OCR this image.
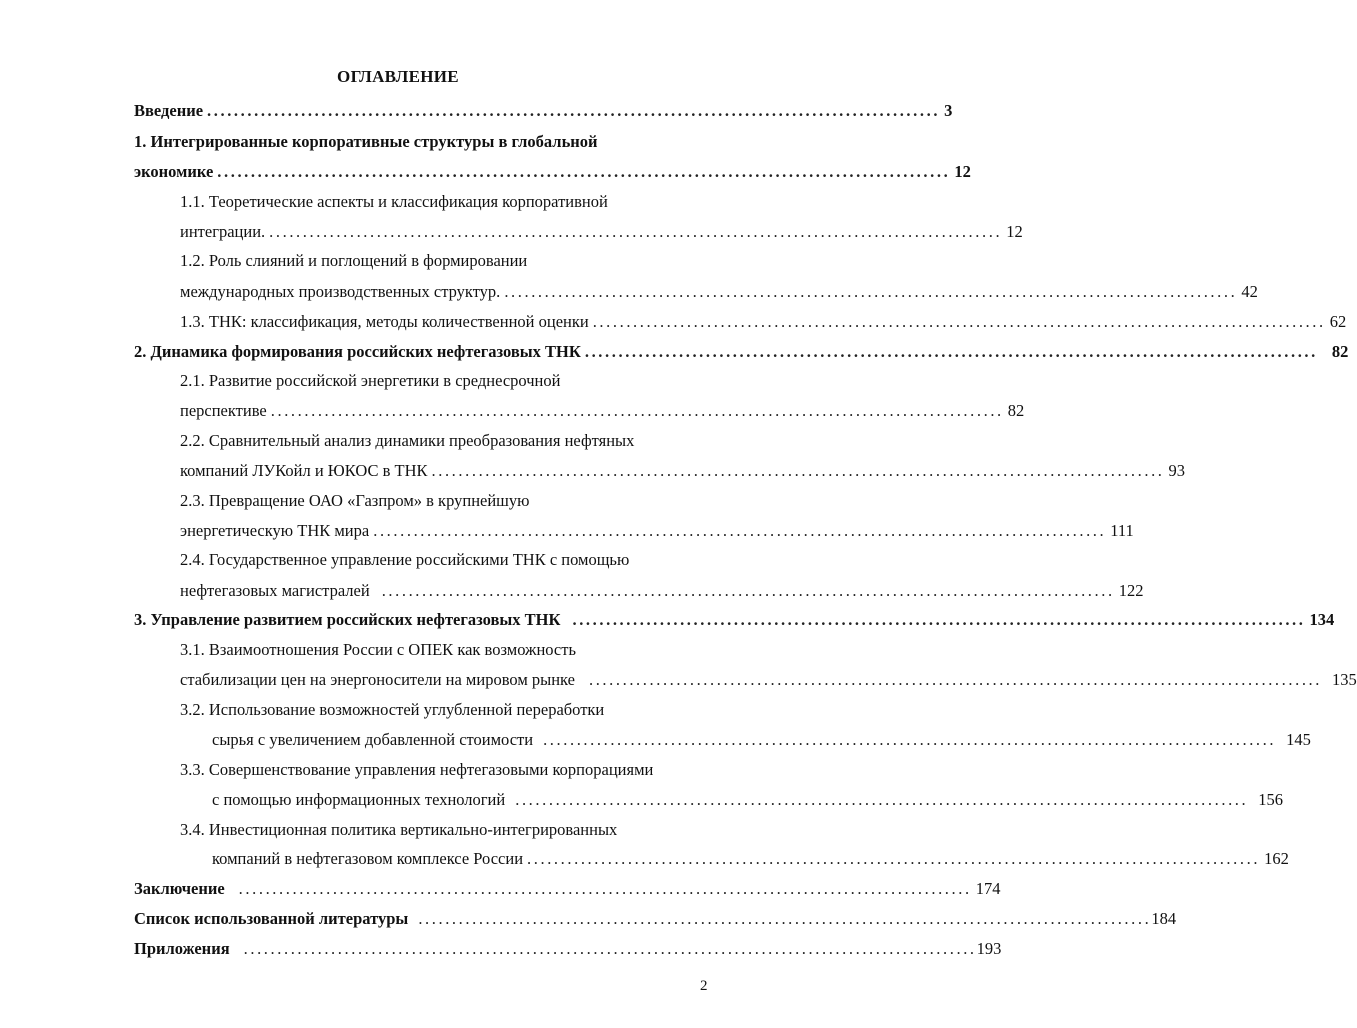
ОГЛАВЛЕНИЕ
Введение ............................................................................................................. 3
1. Интегрированные корпоративные структуры в глобальной
экономике ............................................................................................................. 12
1.1. Теоретические аспекты и классификация корпоративной
интеграции. ............................................................................................................. 12
1.2. Роль слияний и поглощений в формировании
международных производственных структур. ............................................................................................................. 42
1.3. ТНК: классификация, методы количественной оценки ............................................................................................................. 62
2. Динамика формирования российских нефтегазовых ТНК ............................................................................................................. 82
2.1. Развитие российской энергетики в среднесрочной
перспективе ............................................................................................................. 82
2.2. Сравнительный анализ динамики преобразования нефтяных
компаний ЛУКойл и ЮКОС в ТНК ............................................................................................................. 93
2.3. Превращение ОАО «Газпром» в крупнейшую
энергетическую ТНК мира ............................................................................................................. 111
2.4. Государственное управление российскими ТНК с помощью
нефтегазовых магистралей ............................................................................................................. 122
3. Управление развитием российских нефтегазовых ТНК ............................................................................................................. 134
3.1. Взаимоотношения России с ОПЕК как возможность
стабилизации цен на энергоносители на мировом рынке ............................................................................................................. 135
3.2. Использование возможностей углубленной переработки
сырья с увеличением добавленной стоимости ............................................................................................................. 145
3.3. Совершенствование управления нефтегазовыми корпорациями
с помощью информационных технологий ............................................................................................................. 156
3.4. Инвестиционная политика вертикально-интегрированных
компаний в нефтегазовом комплексе России ............................................................................................................. 162
Заключение ............................................................................................................. 174
Список использованной литературы ............................................................................................................. 184
Приложения ............................................................................................................. 193
2
